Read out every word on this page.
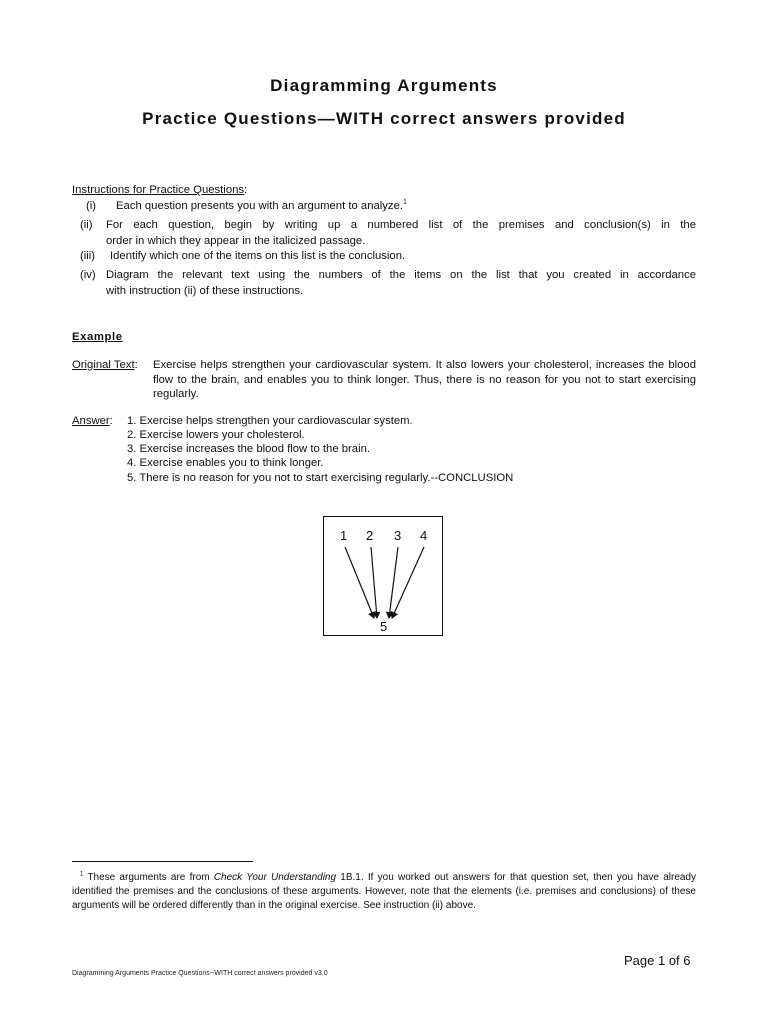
Diagramming Arguments
Practice Questions—WITH correct answers provided
Instructions for Practice Questions:
(i) Each question presents you with an argument to analyze.$^1$
(ii) For each question, begin by writing up a numbered list of the premises and conclusion(s) in the
order in which they appear in the italicized passage.
(iii) Identify which one of the items on this list is the conclusion.
(iv) Diagram the relevant text using the numbers of the items on the list that you created in accordance
with instruction (ii) of these instructions.
Example
Original Text: Exercise helps strengthen your cardiovascular system. It also lowers your cholesterol, increases the blood flow to the brain, and enables you to think longer. Thus, there is no reason for you not to start exercising regularly.
Answer: 1. Exercise helps strengthen your cardiovascular system.
2. Exercise lowers your cholesterol.
3. Exercise increases the blood flow to the brain.
4. Exercise enables you to think longer.
5. There is no reason for you not to start exercising regularly.--CONCLUSION
1 2 3 4
5
$^1$ These arguments are from Check Your Understanding 1B.1. If you worked out answers for that question set, then you have already identified the premises and the conclusions of these arguments. However, note that the elements (i.e. premises and conclusions) of these arguments will be ordered differently than in the original exercise. See instruction (ii) above.
Page 1 of 6
Diagramming Arguments Practice Questions--WITH correct answers provided v3.0
